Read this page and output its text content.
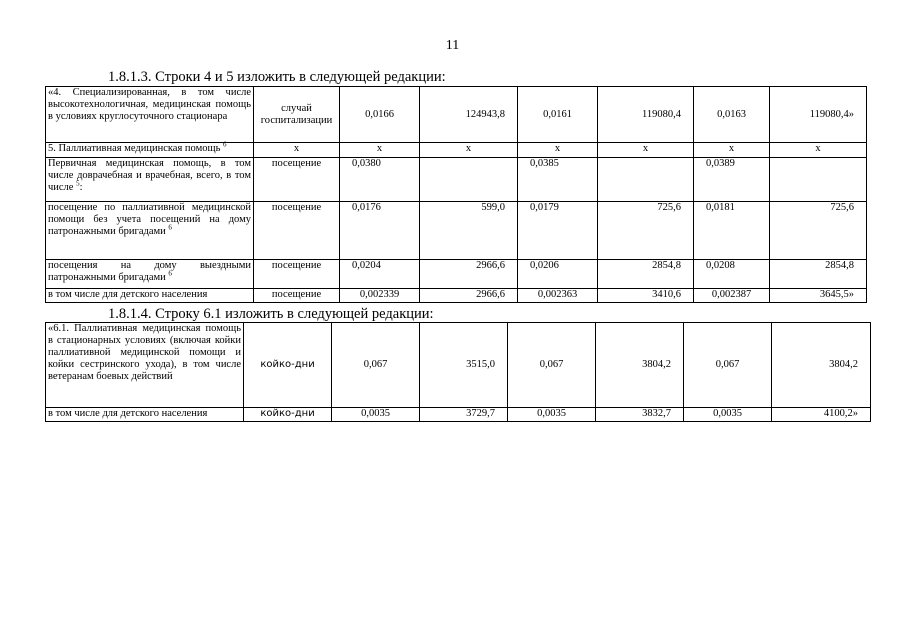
11
1.8.1.3. Строки 4 и 5 изложить в следующей редакции:
«4. Специализированная, в том числе высокотехнологичная, медицинская помощь в условиях круглосуточного стационара	случай госпитализации	0,0166	124943,8	0,0161	119080,4	0,0163	119080,4»
5. Паллиативная медицинская помощь $^6$	х	х	х	х	х	х	х
Первичная медицинская помощь, в том числе доврачебная и врачебная, всего, в том числе $^5$:	посещение	0,0380		0,0385		0,0389	
посещение по паллиативной медицинской помощи без учета посещений на дому патронажными бригадами $^6$	посещение	0,0176	599,0	0,0179	725,6	0,0181	725,6
посещения на дому выездными патронажными бригадами $^6$	посещение	0,0204	2966,6	0,0206	2854,8	0,0208	2854,8
в том числе для детского населения	посещение	0,002339	2966,6	0,002363	3410,6	0,002387	3645,5»
1.8.1.4. Строку 6.1 изложить в следующей редакции:
«6.1. Паллиативная медицинская помощь в стационарных условиях (включая койки паллиативной медицинской помощи и койки сестринского ухода), в том числе ветеранам боевых действий	койко-дни	0,067	3515,0	0,067	3804,2	0,067	3804,2
в том числе для детского населения	койко-дни	0,0035	3729,7	0,0035	3832,7	0,0035	4100,2»
